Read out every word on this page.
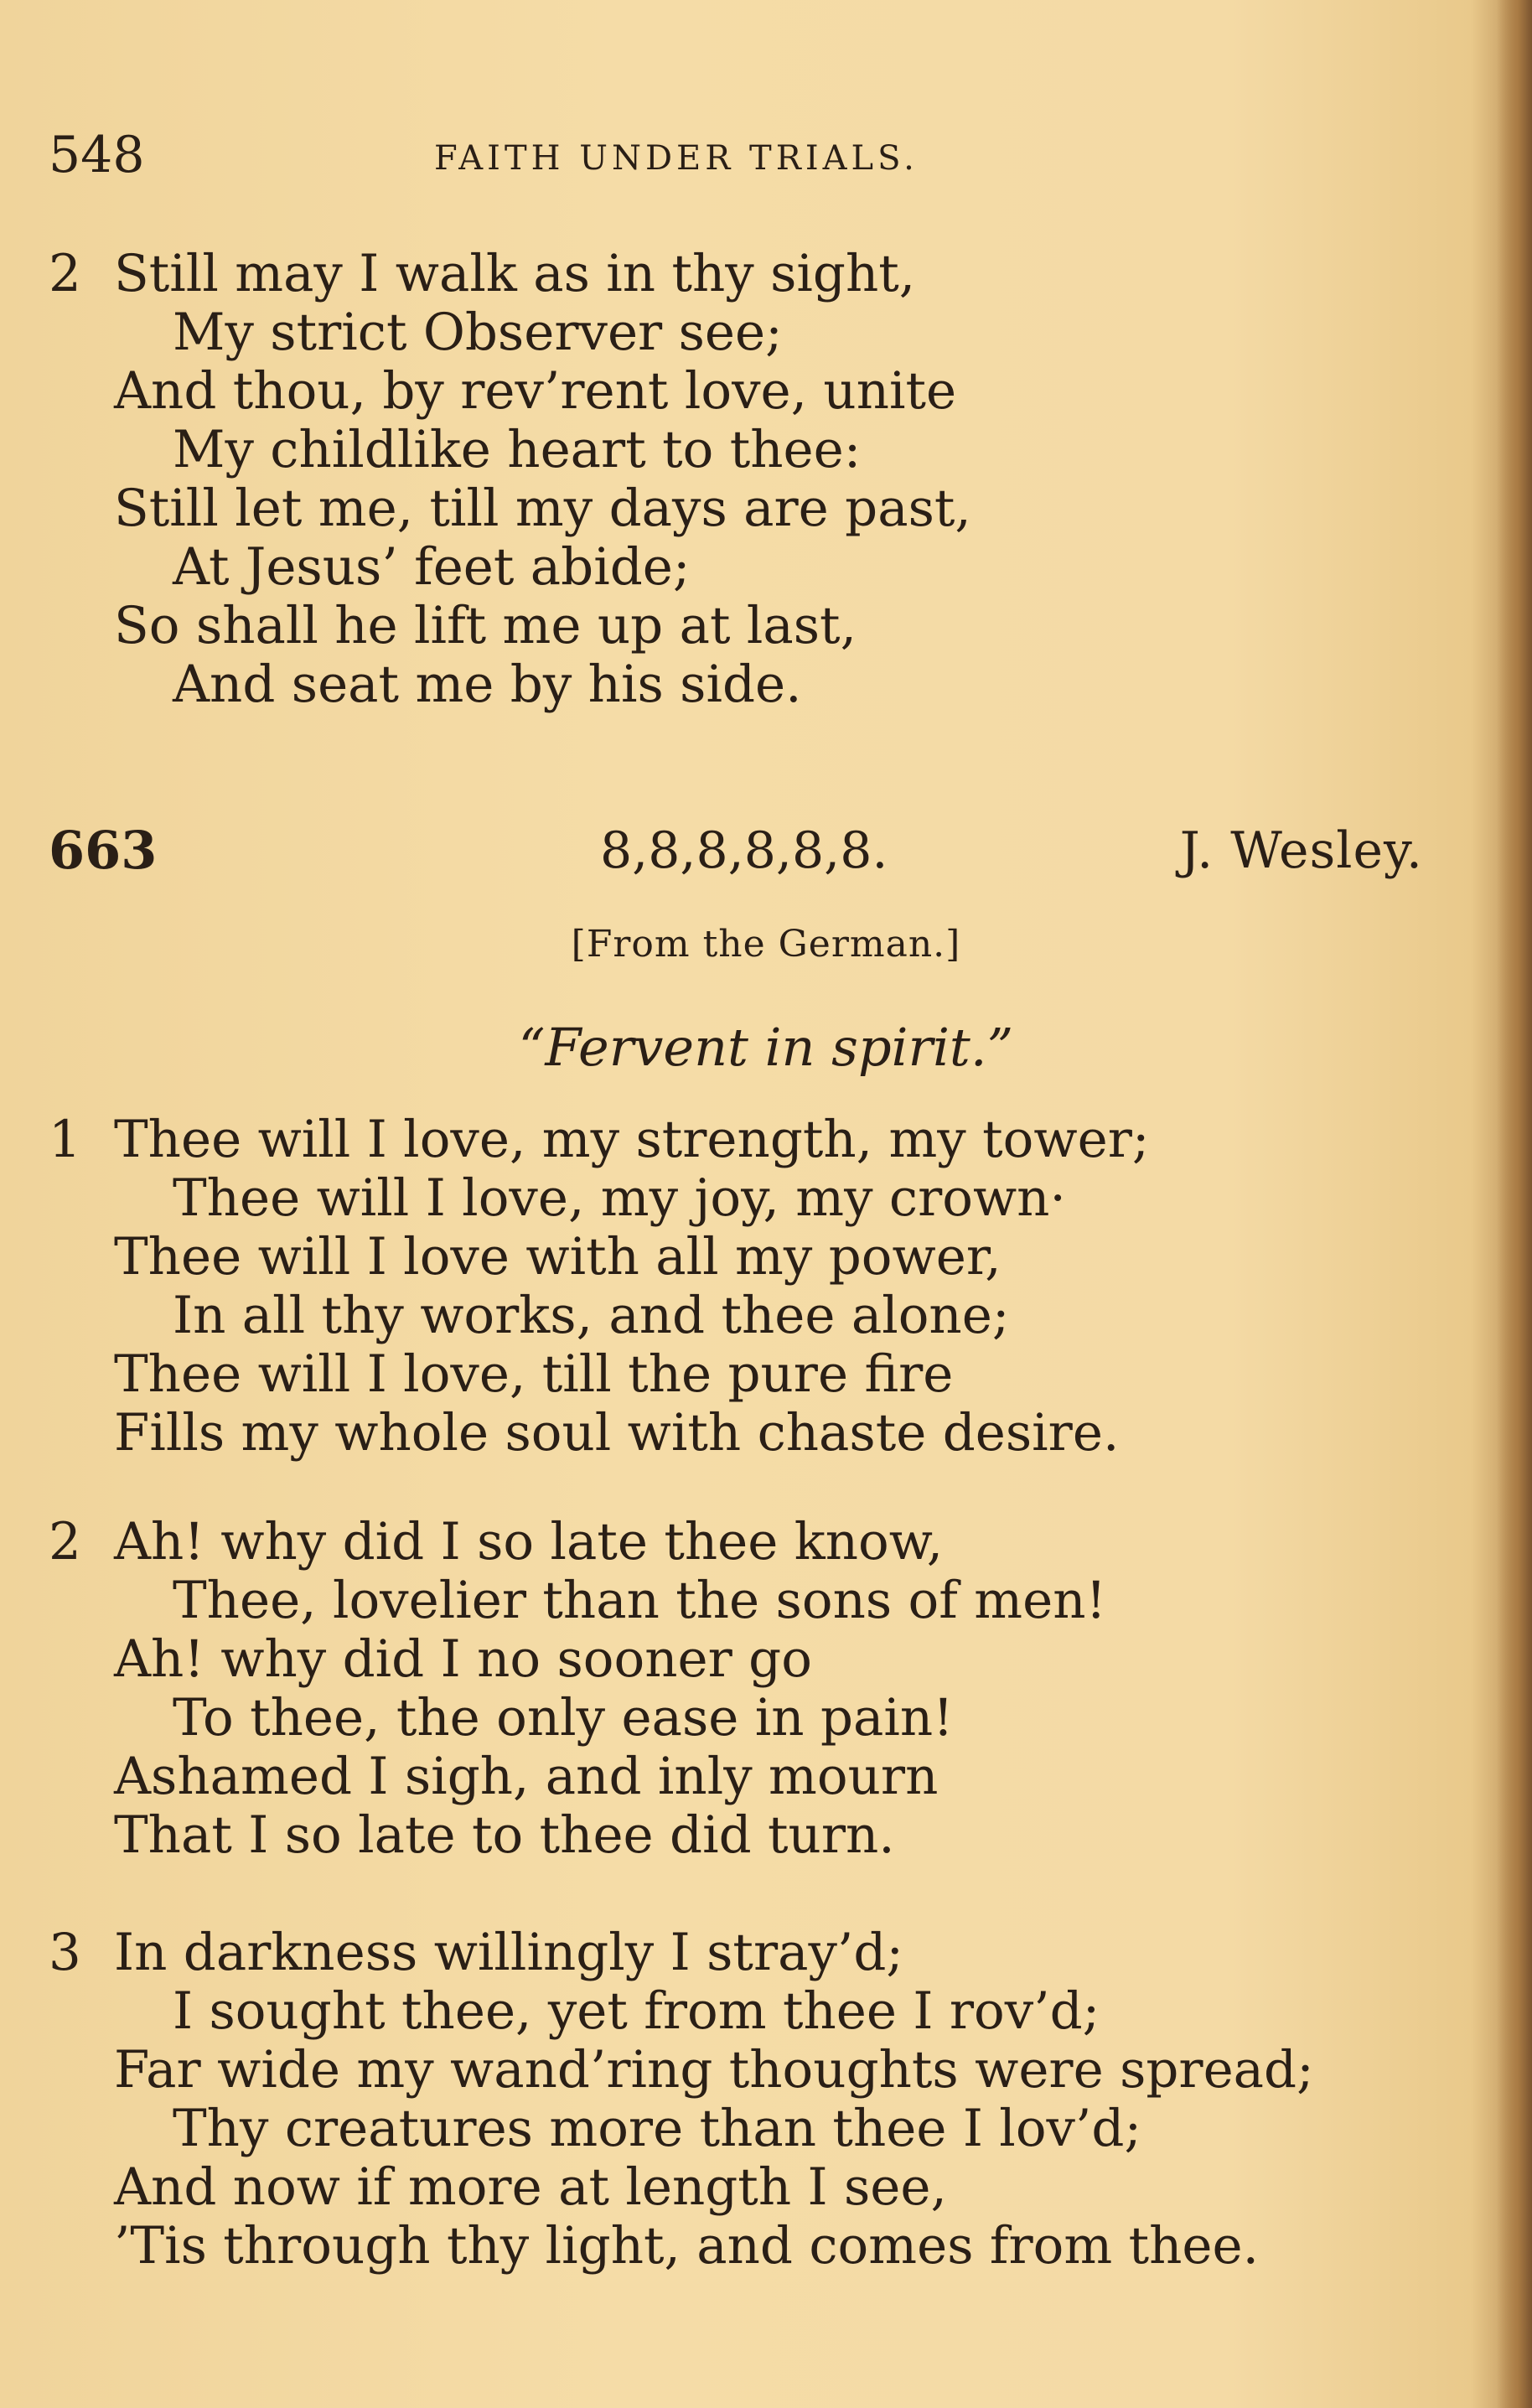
548	FAITH UNDER TRIALS.
2 Still may I walk as in thy sight,
My strict Observer see;
And thou, by rev’rent love, unite
My childlike heart to thee:
Still let me, till my days are past,
At Jesus’ feet abide;
So shall he lift me up at last,
And seat me by his side.
663	8,8,8,8,8,8.	J. Wesley.
[From the German.]
“Fervent in spirit.”
1 Thee will I love, my strength, my tower;
Thee will I love, my joy, my crown·
Thee will I love with all my power,
In all thy works, and thee alone;
Thee will I love, till the pure fire
Fills my whole soul with chaste desire.
2 Ah! why did I so late thee know,
Thee, lovelier than the sons of men!
Ah! why did I no sooner go
To thee, the only ease in pain!
Ashamed I sigh, and inly mourn
That I so late to thee did turn.
3 In darkness willingly I stray’d;
I sought thee, yet from thee I rov’d;
Far wide my wand’ring thoughts were spread;
Thy creatures more than thee I lov’d;
And now if more at length I see,
’Tis through thy light, and comes from thee.
